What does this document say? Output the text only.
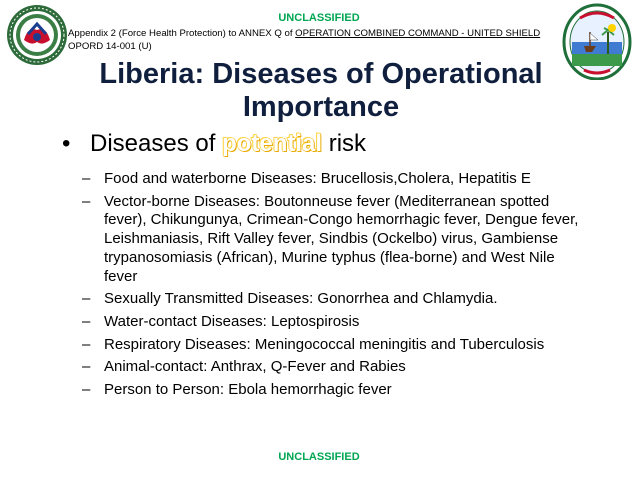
UNCLASSIFIED
Appendix 2 (Force Health Protection) to ANNEX Q of OPERATION COMBINED COMMAND - UNITED SHIELD
OPORD 14-001 (U)
Liberia: Diseases of Operational Importance
• Diseases of potential risk
– Food and waterborne Diseases: Brucellosis,Cholera, Hepatitis E
– Vector-borne Diseases: Boutonneuse fever (Mediterranean spotted fever), Chikungunya, Crimean-Congo hemorrhagic fever, Dengue fever, Leishmaniasis, Rift Valley fever, Sindbis (Ockelbo) virus, Gambiense trypanosomiasis (African), Murine typhus (flea-borne) and West Nile fever
– Sexually Transmitted Diseases: Gonorrhea and Chlamydia.
– Water-contact Diseases: Leptospirosis
– Respiratory Diseases: Meningococcal meningitis and Tuberculosis
– Animal-contact: Anthrax, Q-Fever and Rabies
– Person to Person: Ebola hemorrhagic fever
UNCLASSIFIED
